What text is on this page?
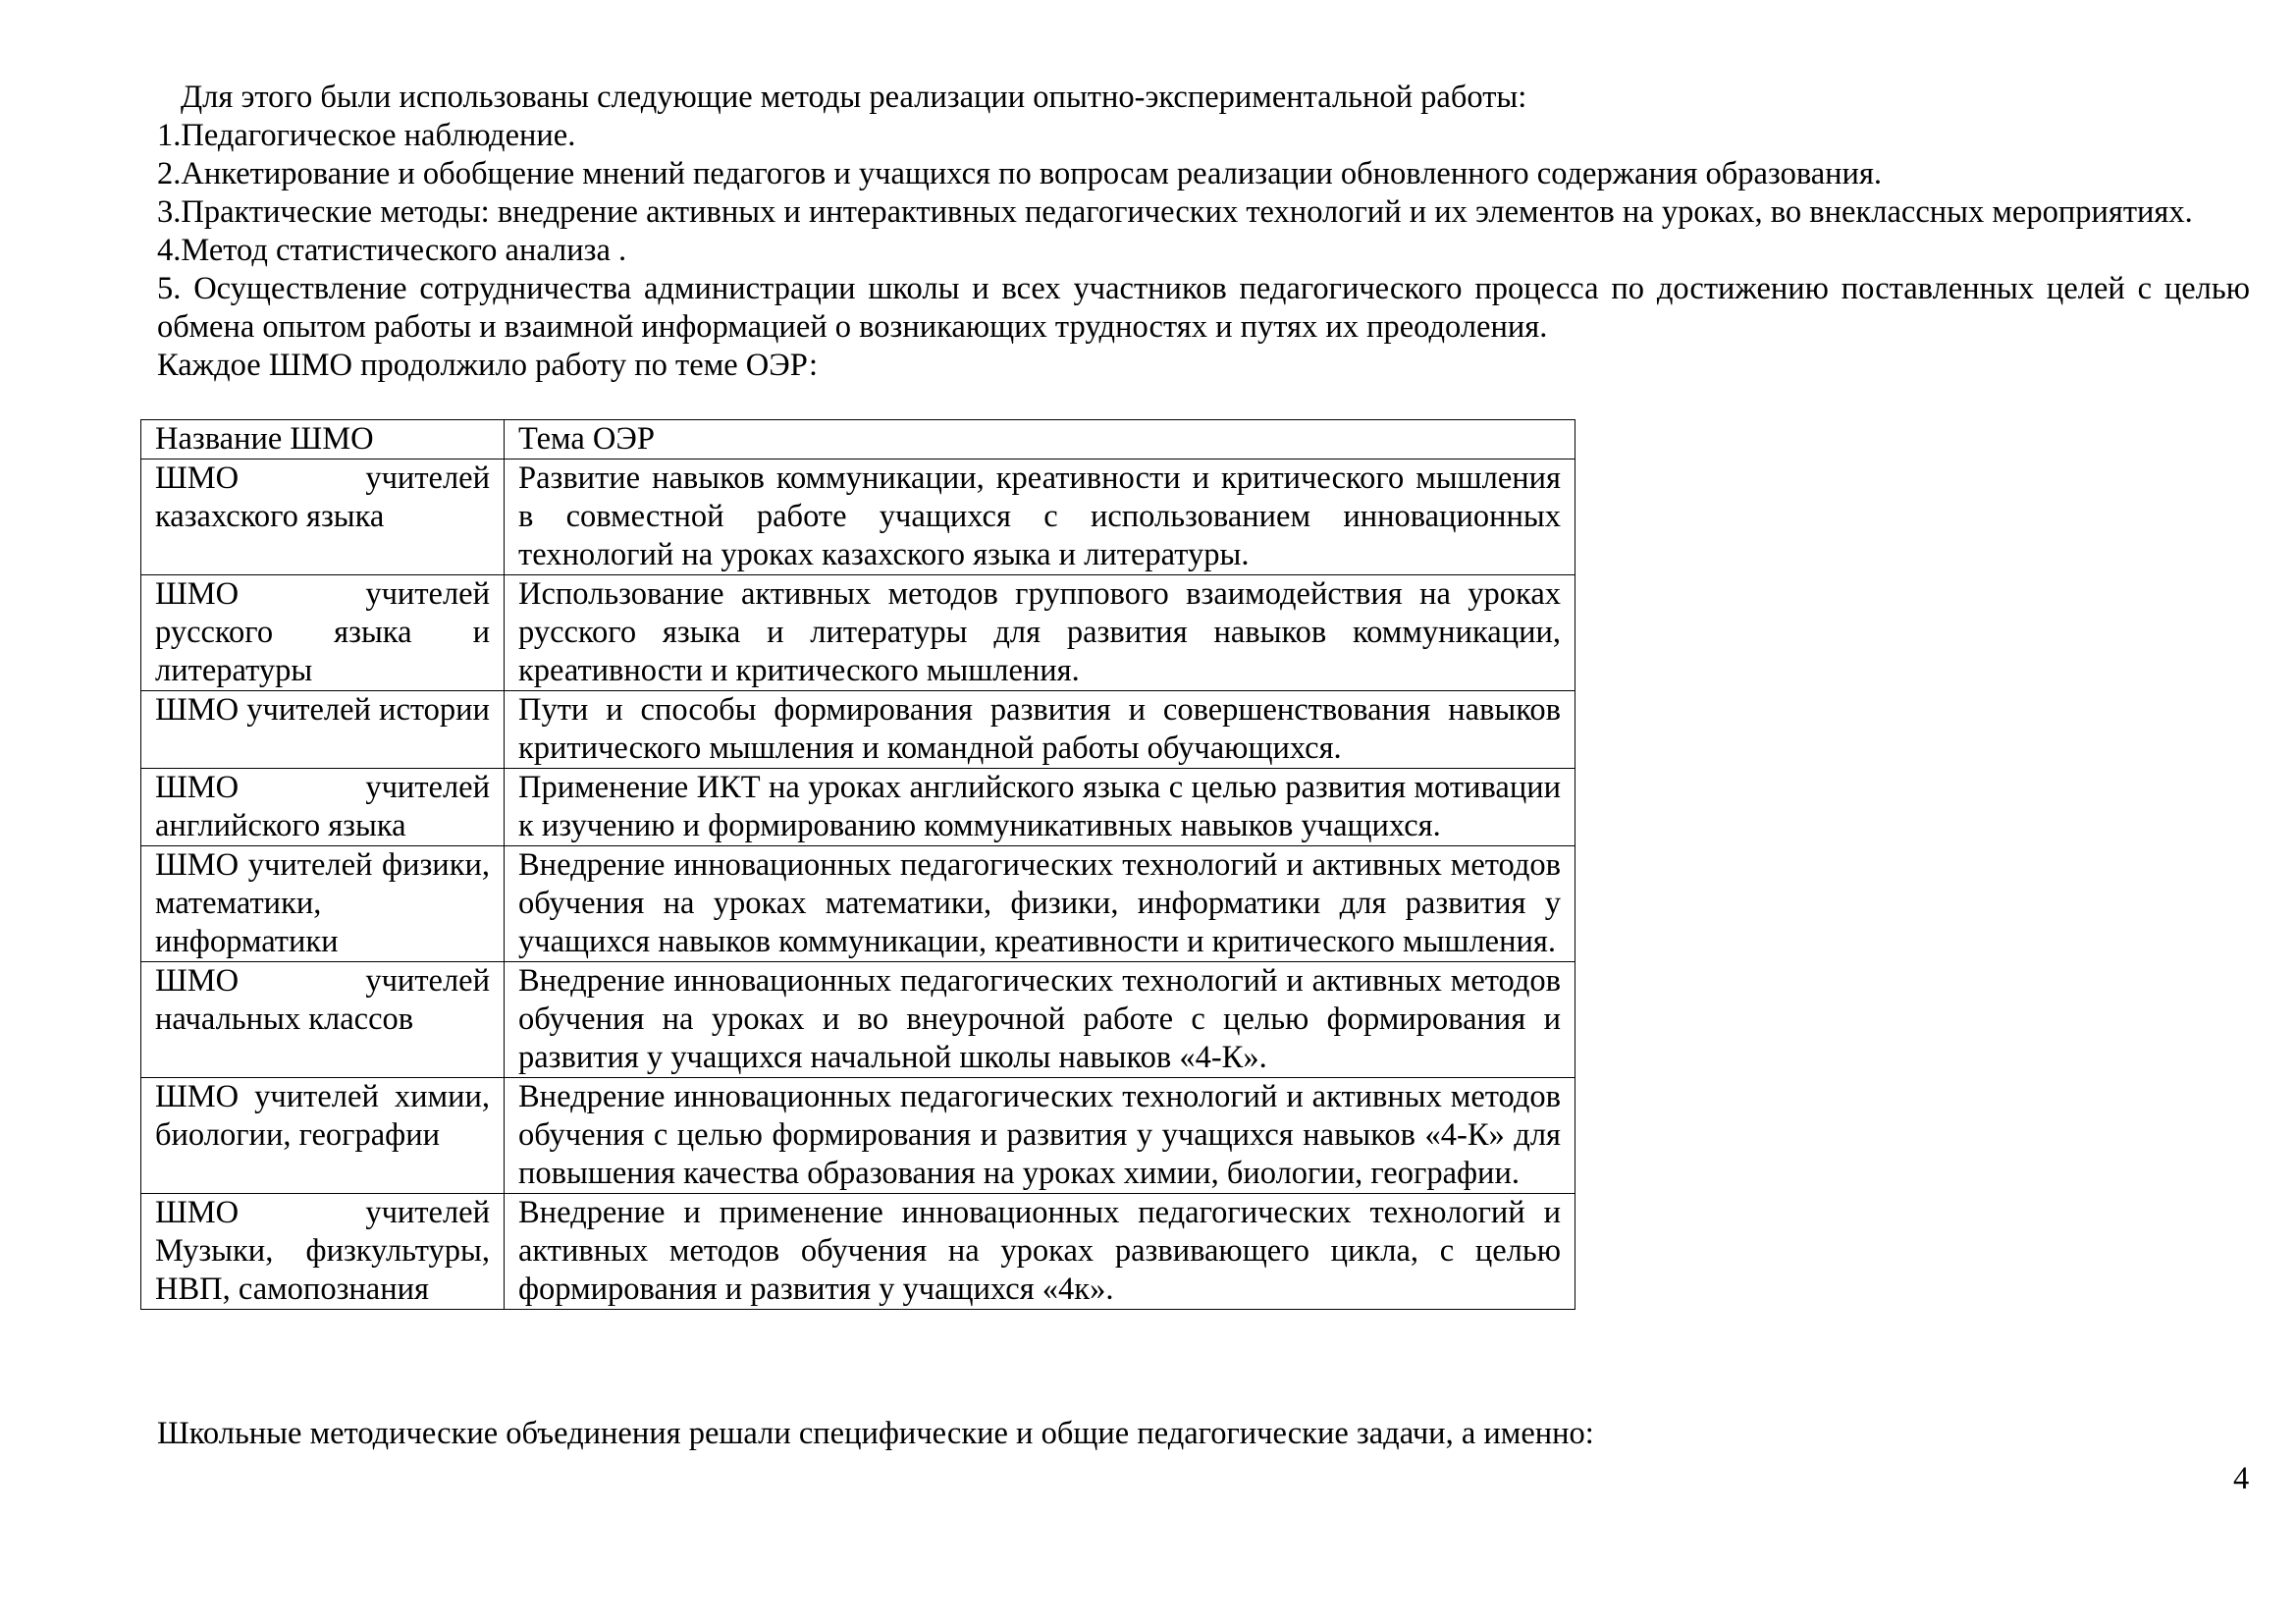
Для этого были использованы следующие методы реализации опытно-экспериментальной работы:

1.Педагогическое наблюдение.

2.Анкетирование и обобщение мнений педагогов и учащихся по вопросам реализации обновленного содержания образования.

3.Практические методы: внедрение активных и интерактивных педагогических технологий и их элементов на уроках, во внеклассных мероприятиях.

4.Метод статистического анализа .

5. Осуществление сотрудничества администрации школы и всех участников педагогического процесса по достижению поставленных целей с целью обмена опытом работы и взаимной информацией о возникающих трудностях и путях их преодоления.

Каждое ШМО продолжило работу по теме ОЭР:

Название ШМО	Тема ОЭР
ШМО учителей казахского языка	Развитие навыков коммуникации, креативности и критического мышления в совместной работе учащихся с использованием инновационных технологий на уроках казахского языка и литературы.
ШМО учителей русского языка и литературы	Использование активных методов группового взаимодействия на уроках русского языка и литературы для развития навыков коммуникации, креативности и критического мышления.
ШМО учителей истории	Пути и способы формирования развития и совершенствования навыков критического мышления и командной работы обучающихся.
ШМО учителей английского языка	Применение ИКТ на уроках английского языка с целью развития мотивации к изучению и формированию коммуникативных навыков учащихся.
ШМО учителей физики, математики, информатики	Внедрение инновационных педагогических технологий и активных методов обучения на уроках математики, физики, информатики для развития у учащихся навыков коммуникации, креативности и критического мышления.
ШМО учителей начальных классов	Внедрение инновационных педагогических технологий и активных методов обучения на уроках и во внеурочной работе с целью формирования и развития у учащихся начальной школы навыков «4-К».
ШМО учителей химии, биологии, географии	Внедрение инновационных педагогических технологий и активных методов обучения с целью формирования и развития у учащихся навыков «4-К» для повышения качества образования на уроках химии, биологии, географии.
ШМО учителей Музыки, физкультуры, НВП, самопознания	Внедрение и применение инновационных педагогических технологий и активных методов обучения на уроках развивающего цикла, с целью формирования и развития у учащихся «4к».

Школьные методические объединения решали специфические и общие педагогические задачи, а именно:

4
